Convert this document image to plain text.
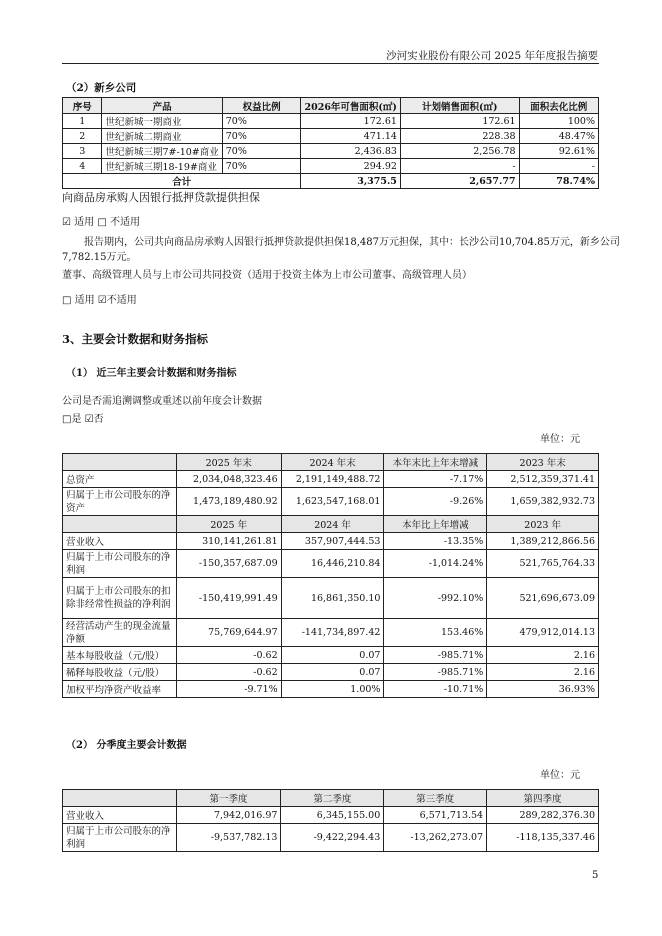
沙河实业股份有限公司 2025 年年度报告摘要
（2）新乡公司
序号	产品	权益比例	2026年可售面积(㎡)	计划销售面积(㎡)	面积去化比例
1	世纪新城一期商业	70%	172.61	172.61	100%
2	世纪新城二期商业	70%	471.14	228.38	48.47%
3	世纪新城三期7#-10#商业	70%	2,436.83	2,256.78	92.61%
4	世纪新城三期18-19#商业	70%	294.92	-	-
合计			3,375.5	2,657.77	78.74%
向商品房承购人因银行抵押贷款提供担保
☑ 适用 □ 不适用
报告期内，公司共向商品房承购人因银行抵押贷款提供担保18,487万元担保，其中：长沙公司10,704.85万元，新乡公司
7,782.15万元。
董事、高级管理人员与上市公司共同投资（适用于投资主体为上市公司董事、高级管理人员）
□ 适用 ☑不适用
3、主要会计数据和财务指标
（1） 近三年主要会计数据和财务指标
公司是否需追溯调整或重述以前年度会计数据
□是 ☑否
单位：元
	2025 年末	2024 年末	本年末比上年末增减	2023 年末
总资产	2,034,048,323.46	2,191,149,488.72	-7.17%	2,512,359,371.41
归属于上市公司股东的净资产	1,473,189,480.92	1,623,547,168.01	-9.26%	1,659,382,932.73
	2025 年	2024 年	本年比上年增减	2023 年
营业收入	310,141,261.81	357,907,444.53	-13.35%	1,389,212,866.56
归属于上市公司股东的净利润	-150,357,687.09	16,446,210.84	-1,014.24%	521,765,764.33
归属于上市公司股东的扣除非经常性损益的净利润	-150,419,991.49	16,861,350.10	-992.10%	521,696,673.09
经营活动产生的现金流量净额	75,769,644.97	-141,734,897.42	153.46%	479,912,014.13
基本每股收益（元/股）	-0.62	0.07	-985.71%	2.16
稀释每股收益（元/股）	-0.62	0.07	-985.71%	2.16
加权平均净资产收益率	-9.71%	1.00%	-10.71%	36.93%
（2） 分季度主要会计数据
单位：元
	第一季度	第二季度	第三季度	第四季度
营业收入	7,942,016.97	6,345,155.00	6,571,713.54	289,282,376.30
归属于上市公司股东的净利润	-9,537,782.13	-9,422,294.43	-13,262,273.07	-118,135,337.46
5
